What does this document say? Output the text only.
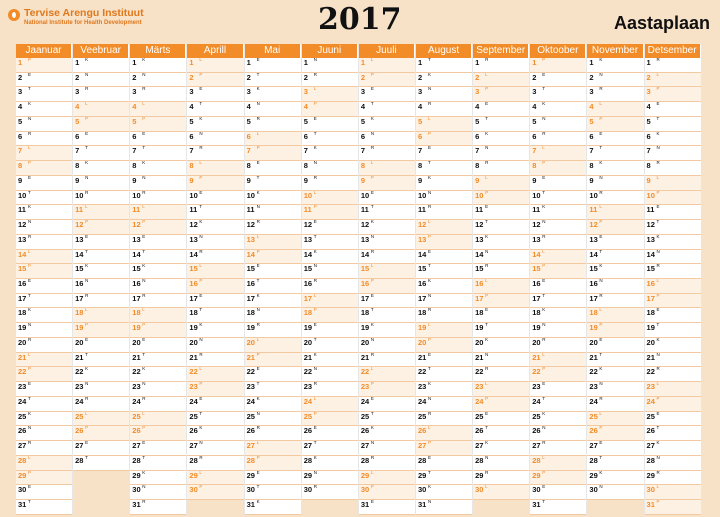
Tervise Arengu Instituut
National Institute for Health Development	2017	Aastaplaan
Jaanuar
1 P
2 E
3 T
4 K
5 N
6 R
7 L
8 P
9 E
10 T
11 K
12 N
13 R
14 L
15 P
16 E
17 T
18 K
19 N
20 R
21 L
22 P
23 E
24 T
25 K
26 N
27 R
28 L
29 P
30 E
31 T
Veebruar
1 K
2 N
3 R
4 L
5 P
6 E
7 T
8 K
9 N
10 R
11 L
12 P
13 E
14 T
15 K
16 N
17 R
18 L
19 P
20 E
21 T
22 K
23 N
24 R
25 L
26 P
27 E
28 T
Märts
1 K
2 N
3 R
4 L
5 P
6 E
7 T
8 K
9 N
10 R
11 L
12 P
13 E
14 T
15 K
16 N
17 R
18 L
19 P
20 E
21 T
22 K
23 N
24 R
25 L
26 P
27 E
28 T
29 K
30 N
31 R
Aprill
1 L
2 P
3 E
4 T
5 K
6 N
7 R
8 L
9 P
10 E
11 T
12 K
13 N
14 R
15 L
16 P
17 E
18 T
19 K
20 N
21 R
22 L
23 P
24 E
25 T
26 K
27 N
28 R
29 L
30 P
Mai
1 E
2 T
3 K
4 N
5 R
6 L
7 P
8 E
9 T
10 K
11 N
12 R
13 L
14 P
15 E
16 T
17 K
18 N
19 R
20 L
21 P
22 E
23 T
24 K
25 N
26 R
27 L
28 P
29 E
30 T
31 K
Juuni
1 N
2 R
3 L
4 P
5 E
6 T
7 K
8 N
9 R
10 L
11 P
12 E
13 T
14 K
15 N
16 R
17 L
18 P
19 E
20 T
21 K
22 N
23 R
24 L
25 P
26 E
27 T
28 K
29 N
30 R
Juuli
1 L
2 P
3 E
4 T
5 K
6 N
7 R
8 L
9 P
10 E
11 T
12 K
13 N
14 R
15 L
16 P
17 E
18 T
19 K
20 N
21 R
22 L
23 P
24 E
25 T
26 K
27 N
28 R
29 L
30 P
31 E
August
1 T
2 K
3 N
4 R
5 L
6 P
7 E
8 T
9 K
10 N
11 R
12 L
13 P
14 E
15 T
16 K
17 N
18 R
19 L
20 P
21 E
22 T
23 K
24 N
25 R
26 L
27 P
28 E
29 T
30 K
31 N
September
1 R
2 L
3 P
4 E
5 T
6 K
7 N
8 R
9 L
10 P
11 E
12 T
13 K
14 N
15 R
16 L
17 P
18 E
19 T
20 K
21 N
22 R
23 L
24 P
25 E
26 T
27 K
28 N
29 R
30 L
Oktoober
1 P
2 E
3 T
4 K
5 N
6 R
7 L
8 P
9 E
10 T
11 K
12 N
13 R
14 L
15 P
16 E
17 T
18 K
19 N
20 R
21 L
22 P
23 E
24 T
25 K
26 N
27 R
28 L
29 P
30 E
31 T
November
1 K
2 N
3 R
4 L
5 P
6 E
7 T
8 K
9 N
10 R
11 L
12 P
13 E
14 T
15 K
16 N
17 R
18 L
19 P
20 E
21 T
22 K
23 N
24 R
25 L
26 P
27 E
28 T
29 K
30 N
Detsember
1 R
2 L
3 P
4 E
5 T
6 K
7 N
8 R
9 L
10 P
11 E
12 T
13 K
14 N
15 R
16 L
17 P
18 E
19 T
20 K
21 N
22 R
23 L
24 P
25 E
26 T
27 K
28 N
29 R
30 L
31 P
